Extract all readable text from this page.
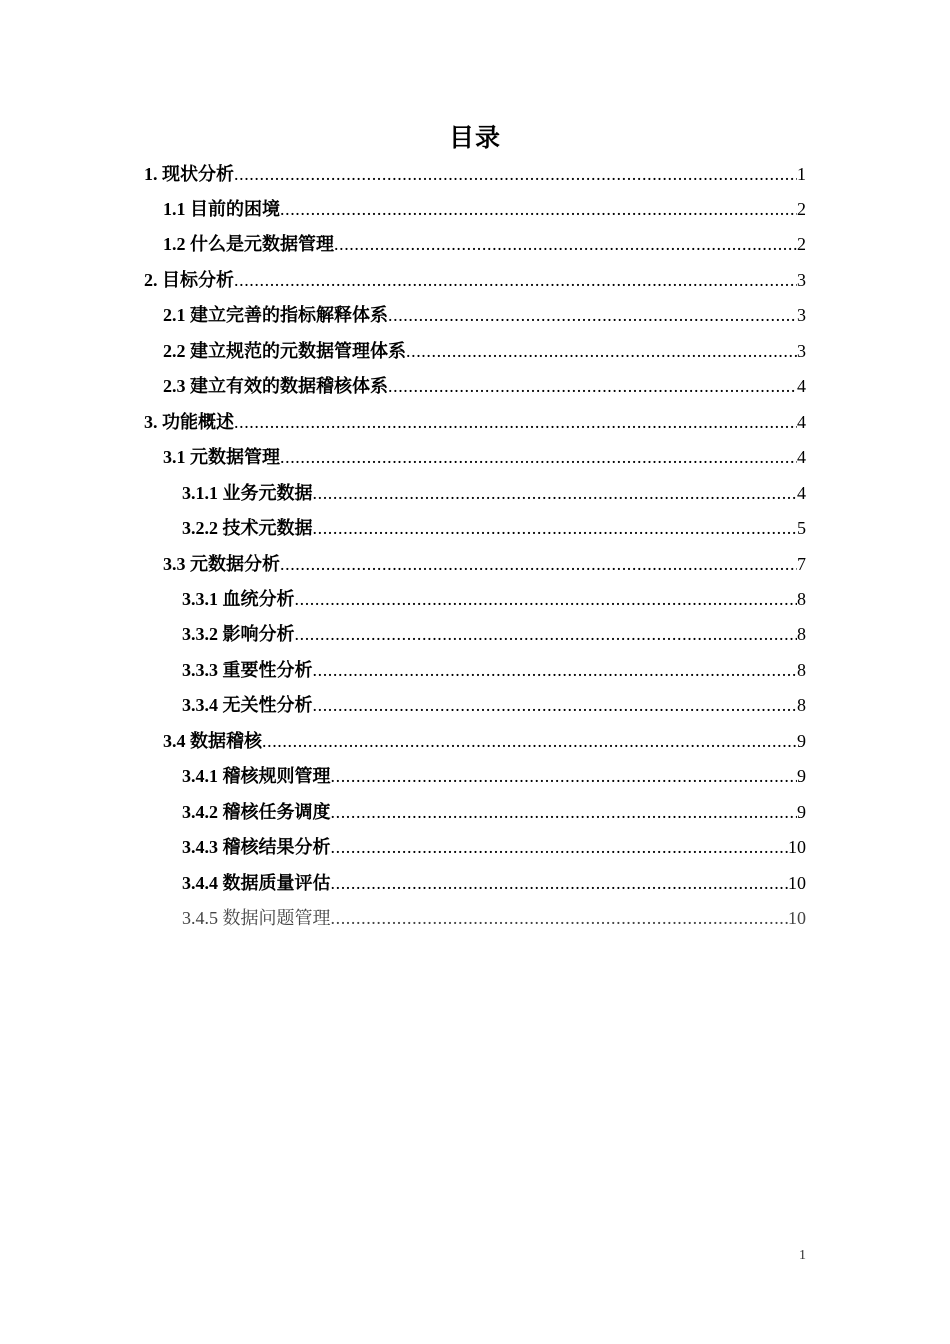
目录
1. 现状分析 .....	1
1.1 目前的困境 .....	2
1.2 什么是元数据管理 .....	2
2. 目标分析 .....	3
2.1 建立完善的指标解释体系 .....	3
2.2 建立规范的元数据管理体系 .....	3
2.3 建立有效的数据稽核体系 .....	4
3. 功能概述 .....	4
3.1 元数据管理 .....	4
3.1.1 业务元数据 .....	4
3.2.2 技术元数据 .....	5
3.3 元数据分析 .....	7
3.3.1 血统分析 .....	8
3.3.2 影响分析 .....	8
3.3.3 重要性分析 .....	8
3.3.4 无关性分析 .....	8
3.4 数据稽核 .....	9
3.4.1 稽核规则管理 .....	9
3.4.2 稽核任务调度 .....	9
3.4.3 稽核结果分析 .....	10
3.4.4 数据质量评估 .....	10
3.4.5 数据问题管理 .....	10
1
